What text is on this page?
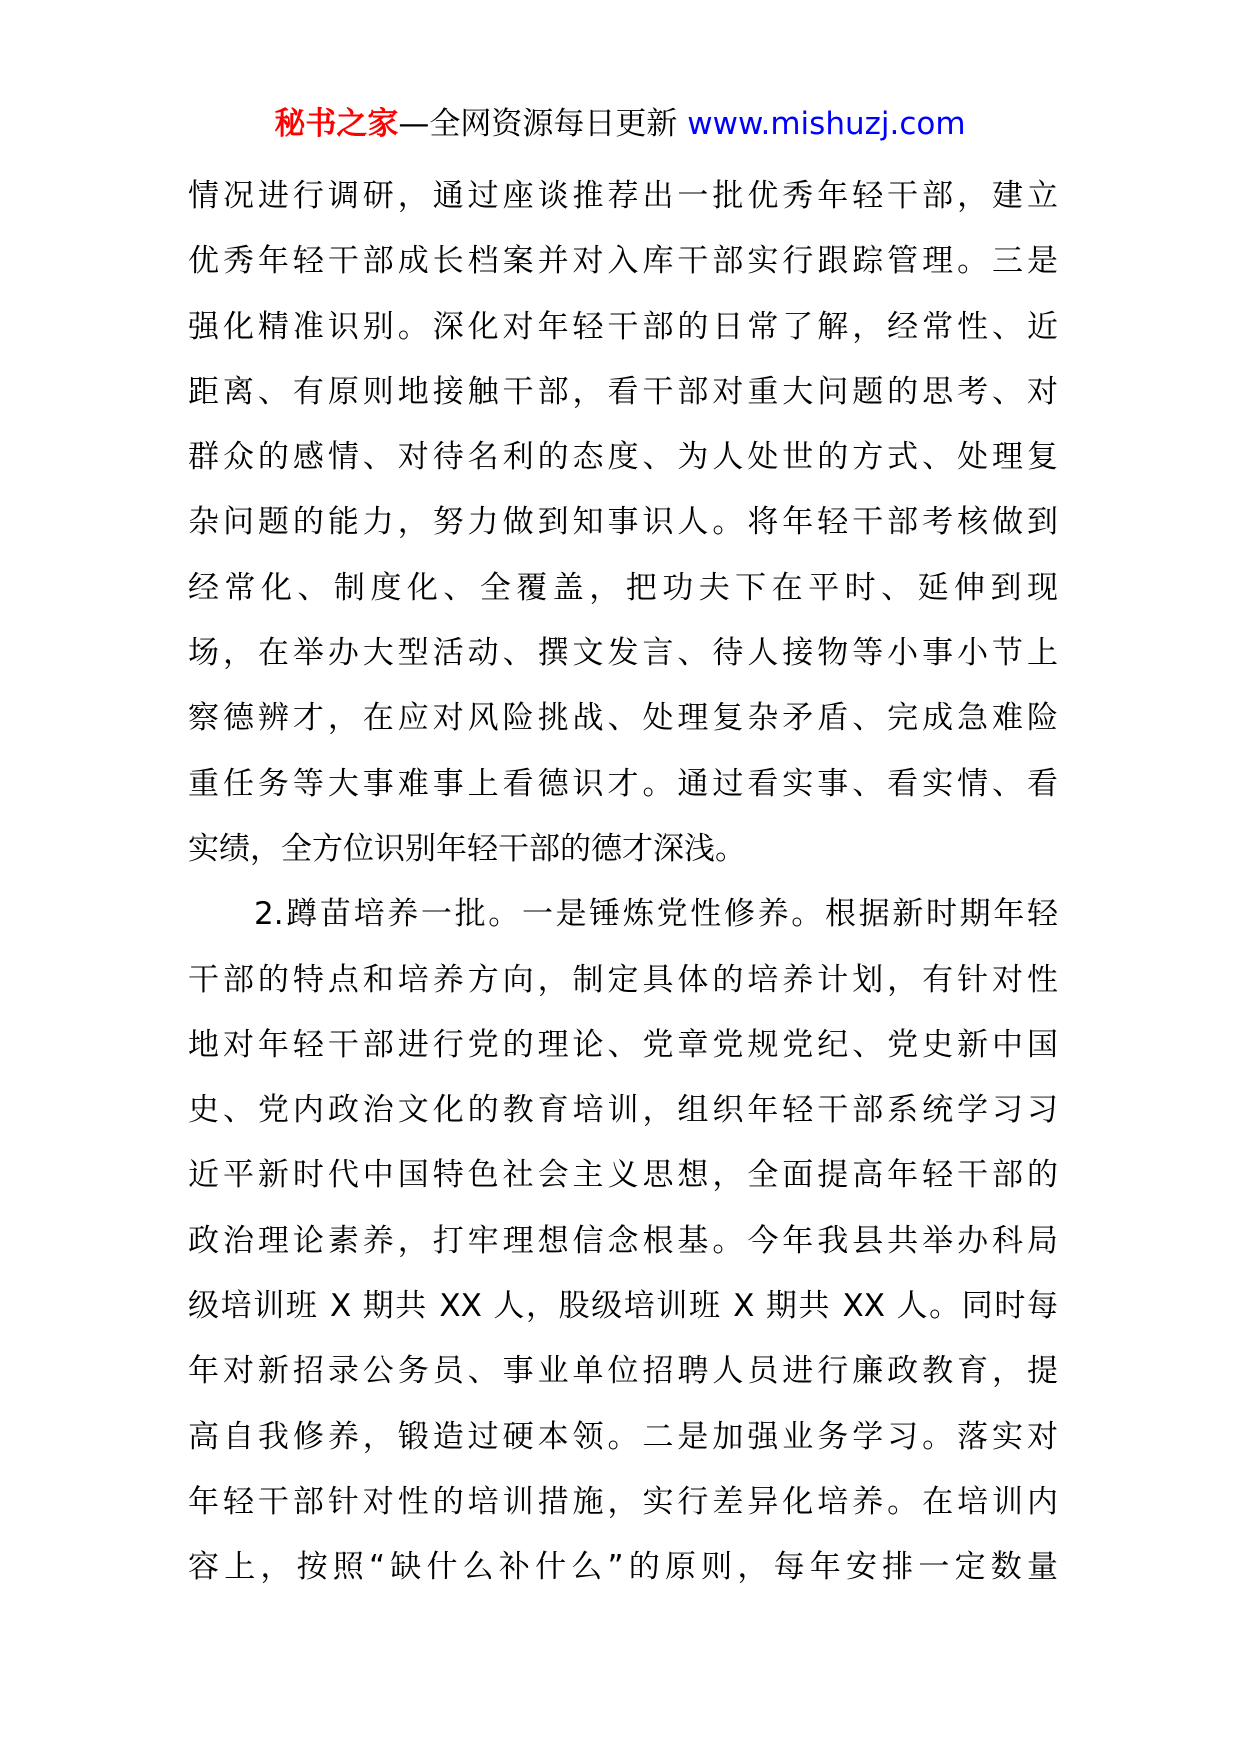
秘书之家—全网资源每日更新 www.mishuzj.com
情况进行调研，通过座谈推荐出一批优秀年轻干部，建立
优秀年轻干部成长档案并对入库干部实行跟踪管理。三是
强化精准识别。深化对年轻干部的日常了解，经常性、近
距离、有原则地接触干部，看干部对重大问题的思考、对
群众的感情、对待名利的态度、为人处世的方式、处理复
杂问题的能力，努力做到知事识人。将年轻干部考核做到
经常化、制度化、全覆盖，把功夫下在平时、延伸到现
场，在举办大型活动、撰文发言、待人接物等小事小节上
察德辨才，在应对风险挑战、处理复杂矛盾、完成急难险
重任务等大事难事上看德识才。通过看实事、看实情、看
实绩，全方位识别年轻干部的德才深浅。
2.蹲苗培养一批。一是锤炼党性修养。根据新时期年轻
干部的特点和培养方向，制定具体的培养计划，有针对性
地对年轻干部进行党的理论、党章党规党纪、党史新中国
史、党内政治文化的教育培训，组织年轻干部系统学习习
近平新时代中国特色社会主义思想，全面提高年轻干部的
政治理论素养，打牢理想信念根基。今年我县共举办科局
级培训班 X 期共 XX 人，股级培训班 X 期共 XX 人。同时每
年对新招录公务员、事业单位招聘人员进行廉政教育，提
高自我修养，锻造过硬本领。二是加强业务学习。落实对
年轻干部针对性的培训措施，实行差异化培养。在培训内
容上，按照“缺什么补什么”的原则，每年安排一定数量
